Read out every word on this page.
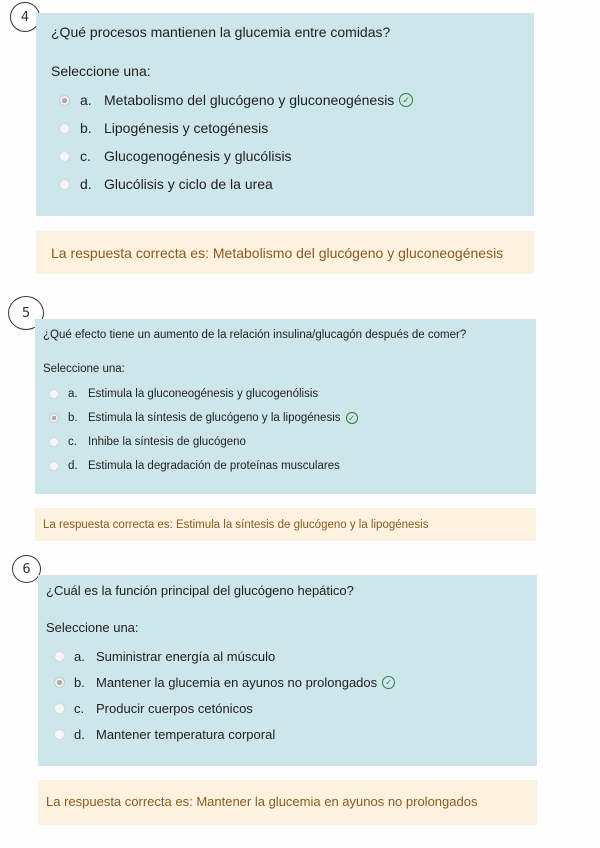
4
¿Qué procesos mantienen la glucemia entre comidas?
Seleccione una:
a. Metabolismo del glucógeno y gluconeogénesis ✓
b. Lipogénesis y cetogénesis
c. Glucogenogénesis y glucólisis
d. Glucólisis y ciclo de la urea
La respuesta correcta es: Metabolismo del glucógeno y gluconeogénesis
5
¿Qué efecto tiene un aumento de la relación insulina/glucagón después de comer?
Seleccione una:
a. Estimula la gluconeogénesis y glucogenólisis
b. Estimula la síntesis de glucógeno y la lipogénesis ✓
c. Inhibe la síntesis de glucógeno
d. Estimula la degradación de proteínas musculares
La respuesta correcta es: Estimula la síntesis de glucógeno y la lipogénesis
6
¿Cuál es la función principal del glucógeno hepático?
Seleccione una:
a. Suministrar energía al músculo
b. Mantener la glucemia en ayunos no prolongados	✓
c. Producir cuerpos cetónicos
d. Mantener temperatura corporal
La respuesta correcta es: Mantener la glucemia en ayunos no prolongados
